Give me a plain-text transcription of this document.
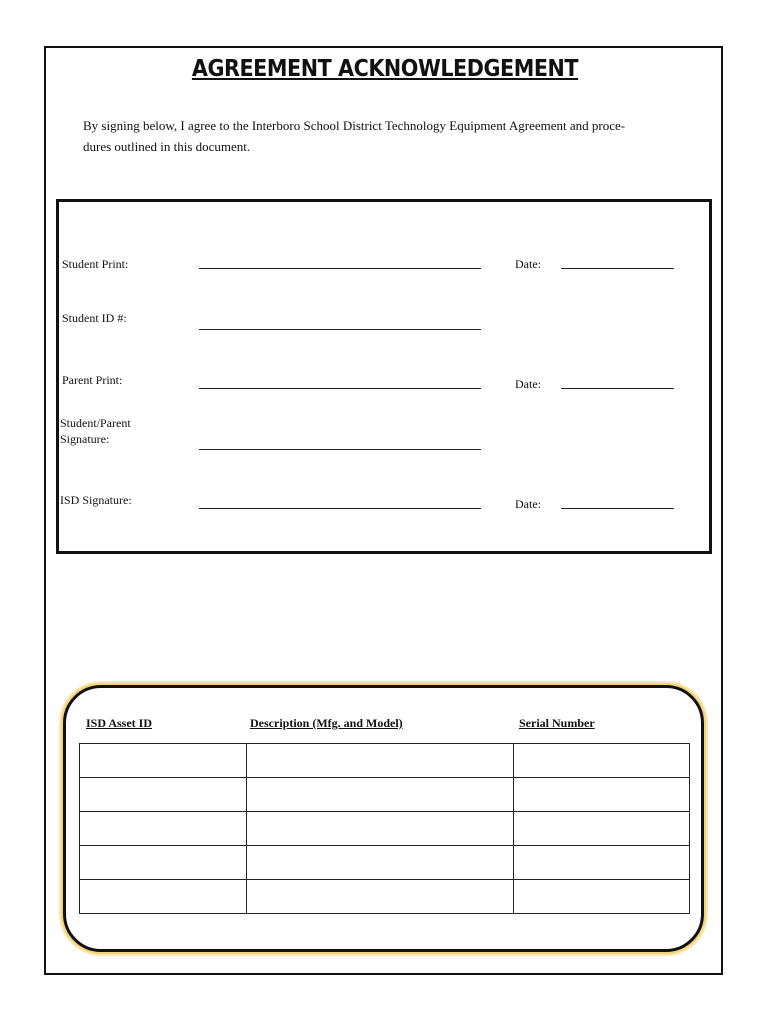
AGREEMENT ACKNOWLEDGEMENT
By signing below, I agree to the Interboro School District Technology Equipment Agreement and proce-
dures outlined in this document.
Student Print:	Date:
Student ID #:
Parent Print:	Date:
Student/Parent
Signature:
ISD Signature:	Date:
ISD Asset ID	Description (Mfg. and Model)	Serial Number
